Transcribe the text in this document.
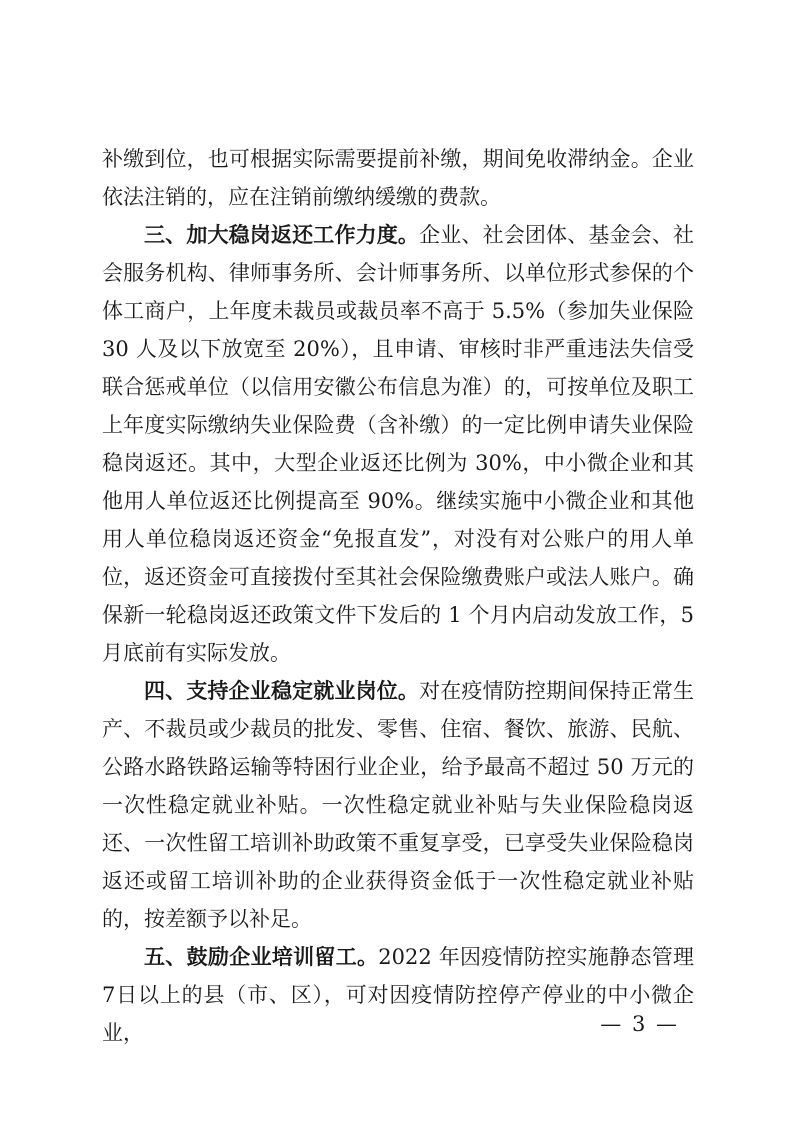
补缴到位，也可根据实际需要提前补缴，期间免收滞纳金。企业依法注销的，应在注销前缴纳缓缴的费款。

三、加大稳岗返还工作力度。企业、社会团体、基金会、社会服务机构、律师事务所、会计师事务所、以单位形式参保的个体工商户，上年度未裁员或裁员率不高于 5.5%（参加失业保险30 人及以下放宽至 20%），且申请、审核时非严重违法失信受联合惩戒单位（以信用安徽公布信息为准）的，可按单位及职工上年度实际缴纳失业保险费（含补缴）的一定比例申请失业保险稳岗返还。其中，大型企业返还比例为 30%，中小微企业和其他用人单位返还比例提高至 90%。继续实施中小微企业和其他用人单位稳岗返还资金“免报直发”，对没有对公账户的用人单位，返还资金可直接拨付至其社会保险缴费账户或法人账户。确保新一轮稳岗返还政策文件下发后的 1 个月内启动发放工作，5 月底前有实际发放。

四、支持企业稳定就业岗位。对在疫情防控期间保持正常生产、不裁员或少裁员的批发、零售、住宿、餐饮、旅游、民航、公路水路铁路运输等特困行业企业，给予最高不超过 50 万元的一次性稳定就业补贴。一次性稳定就业补贴与失业保险稳岗返还、一次性留工培训补助政策不重复享受，已享受失业保险稳岗返还或留工培训补助的企业获得资金低于一次性稳定就业补贴的，按差额予以补足。

五、鼓励企业培训留工。2022 年因疫情防控实施静态管理 7日以上的县（市、区），可对因疫情防控停产停业的中小微企业，	— 3 —
